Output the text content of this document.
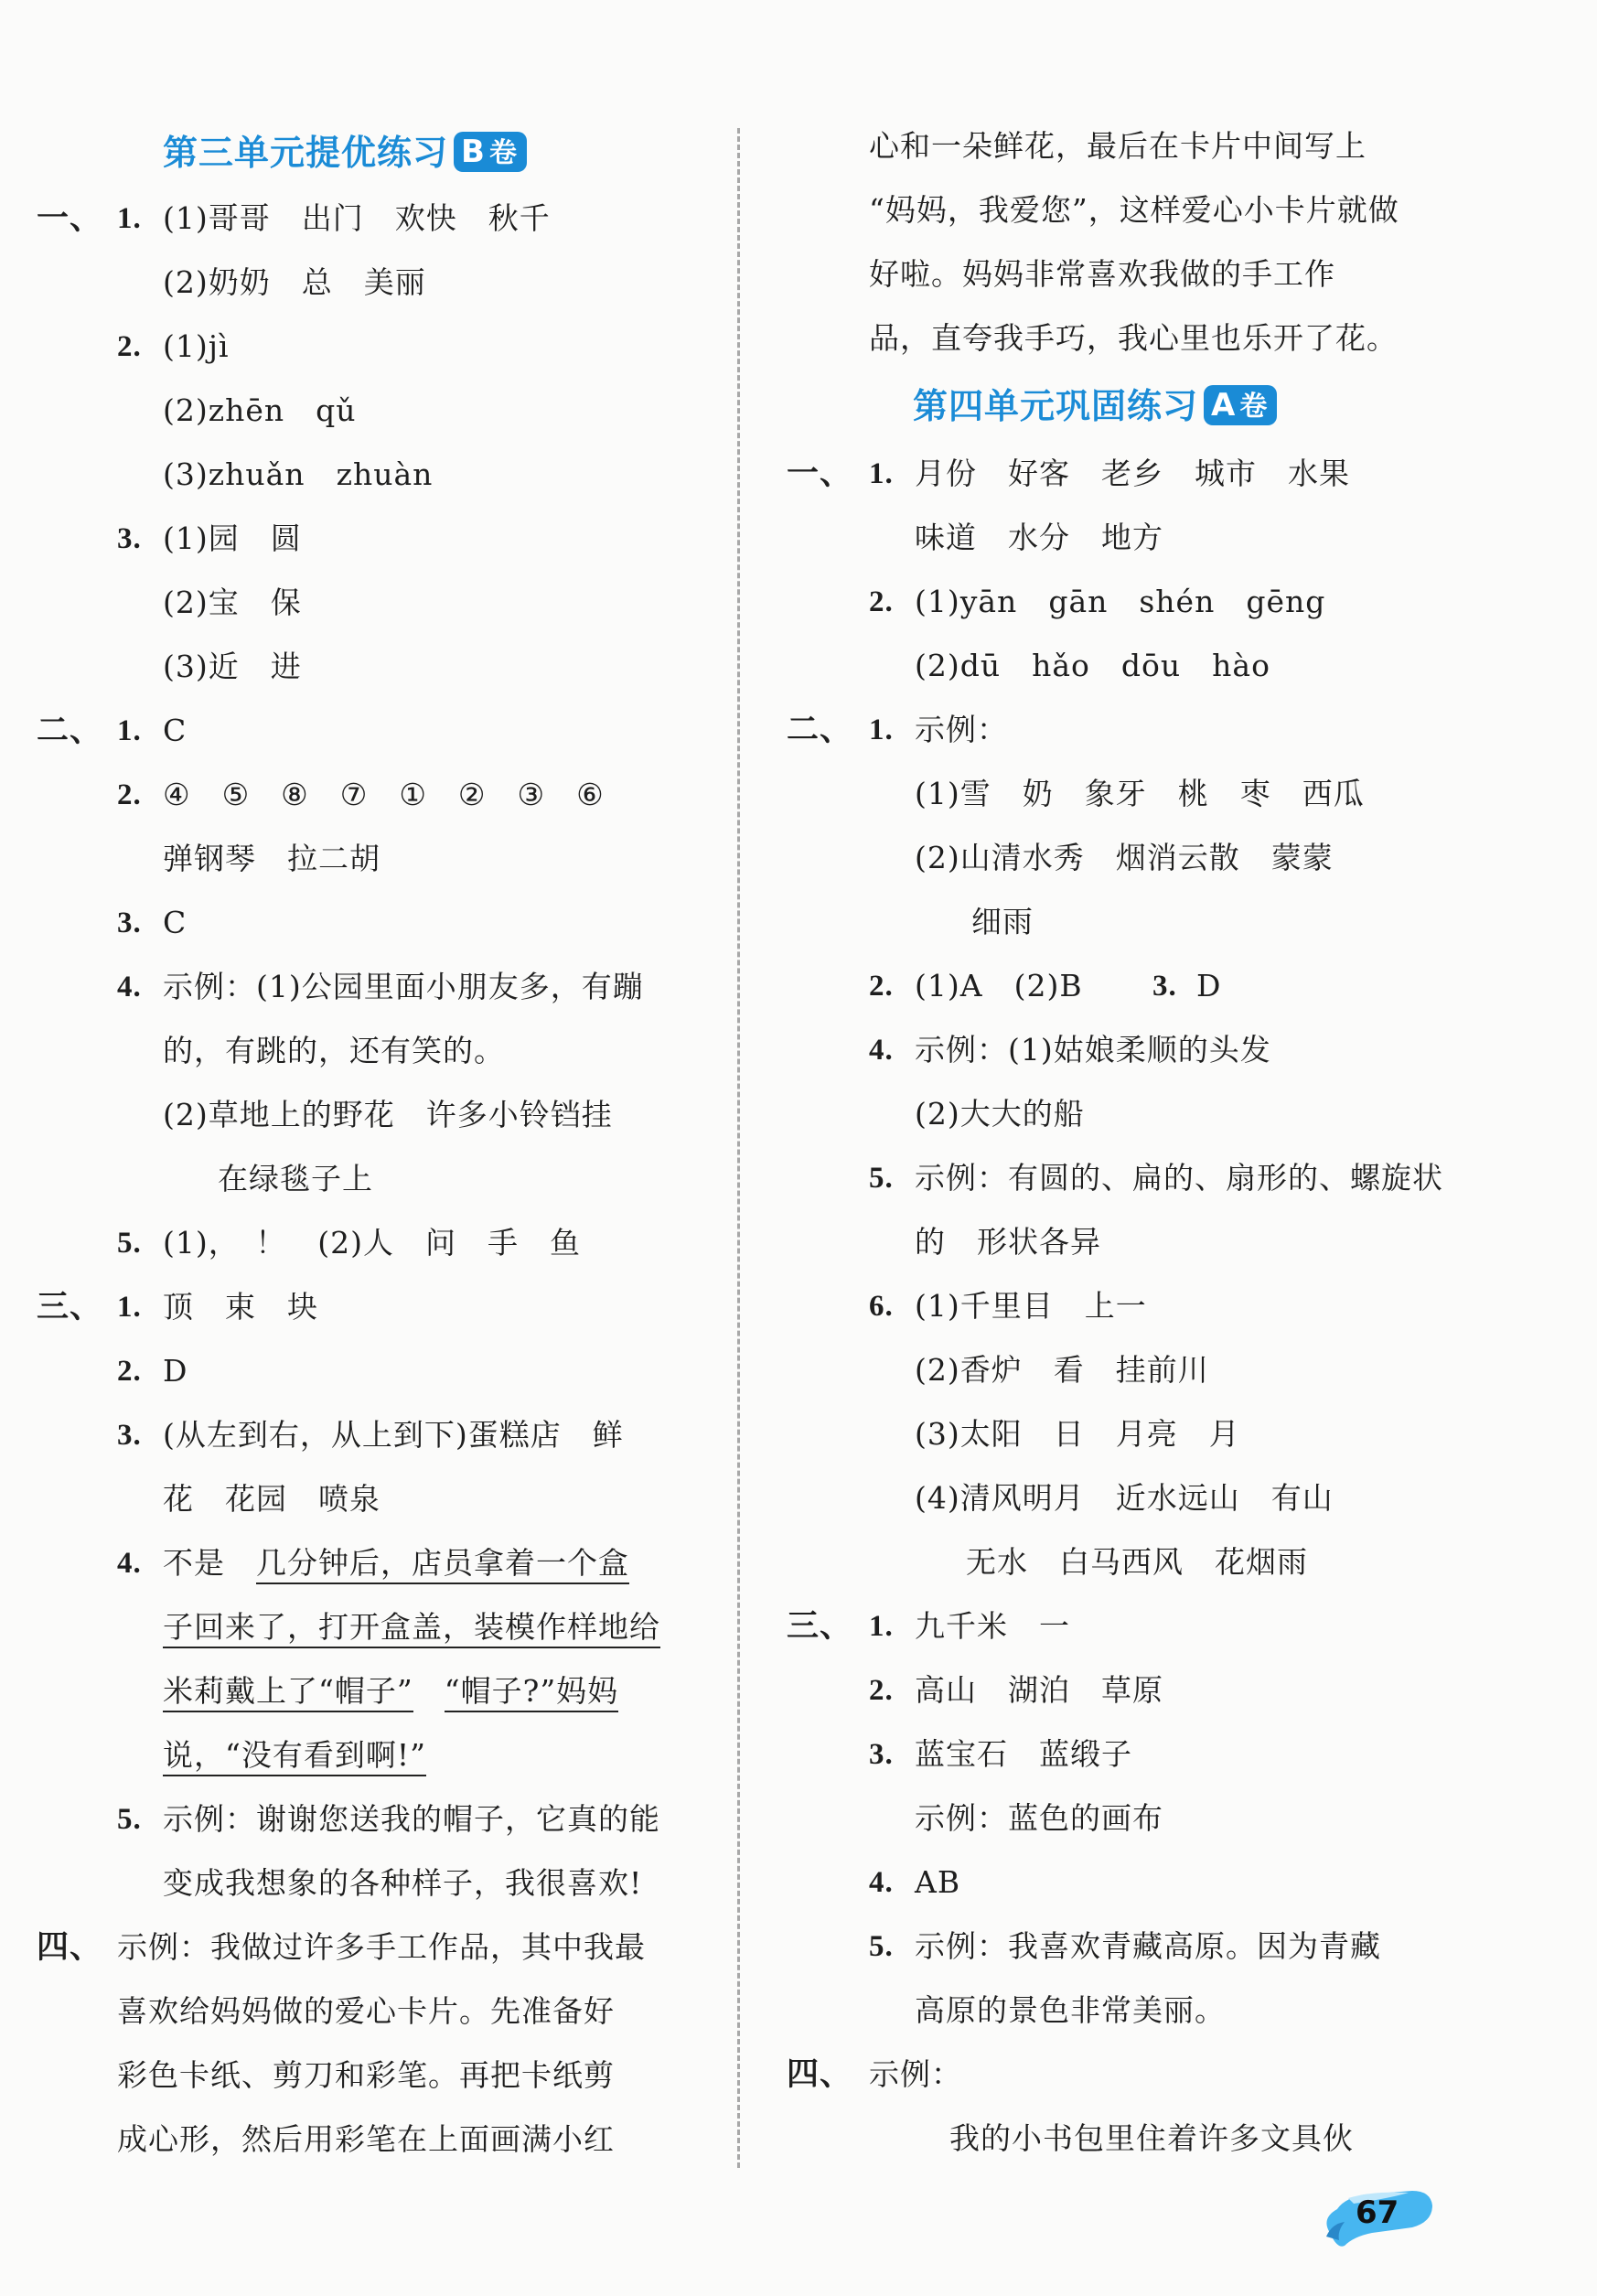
第三单元提优练习 B 卷
一、 1. (1)哥哥　出门　欢快　秋千
(2)奶奶　总　美丽
2. (1)jì
(2)zhēn　qǔ
(3)zhuǎn　zhuàn
3. (1)园　圆
(2)宝　保
(3)近　进
二、 1. C
2. ④　⑤　⑧　⑦　①　②　③　⑥
弹钢琴　拉二胡
3. C
4. 示例：(1)公园里面小朋友多，有蹦
的，有跳的，还有笑的。
(2)草地上的野花　许多小铃铛挂
在绿毯子上
5. (1)，　！　(2)人　问　手　鱼
三、 1. 顶　束　块
2. D
3. (从左到右，从上到下)蛋糕店　鲜
花　花园　喷泉
4. 不是　几分钟后，店员拿着一个盒
子回来了，打开盒盖，装模作样地给
米莉戴上了“帽子”　 “帽子?”妈妈
说，“没有看到啊!”
5. 示例：谢谢您送我的帽子，它真的能
变成我想象的各种样子，我很喜欢!
四、 示例：我做过许多手工作品，其中我最
喜欢给妈妈做的爱心卡片。先准备好
彩色卡纸、剪刀和彩笔。再把卡纸剪
成心形，然后用彩笔在上面画满小红
心和一朵鲜花，最后在卡片中间写上
“妈妈，我爱您”，这样爱心小卡片就做
好啦。妈妈非常喜欢我做的手工作
品，直夸我手巧，我心里也乐开了花。
第四单元巩固练习 A 卷
一、 1. 月份　好客　老乡　城市　水果
味道　水分　地方
2. (1)yān　gān　shén　gēng
(2)dū　hǎo　dōu　hào
二、 1. 示例：
(1)雪　奶　象牙　桃　枣　西瓜
(2)山清水秀　烟消云散　蒙蒙
细雨
2. (1)A　(2)B　 3. D
4. 示例：(1)姑娘柔顺的头发
(2)大大的船
5. 示例：有圆的、扁的、扇形的、螺旋状
的　形状各异
6. (1)千里目　上一
(2)香炉　看　挂前川
(3)太阳　日　月亮　月
(4)清风明月　近水远山　有山
无水　白马西风　花烟雨
三、 1. 九千米　一
2. 高山　湖泊　草原
3. 蓝宝石　蓝缎子
示例：蓝色的画布
4. AB
5. 示例：我喜欢青藏高原。因为青藏
高原的景色非常美丽。
四、 示例：
我的小书包里住着许多文具伙
67
